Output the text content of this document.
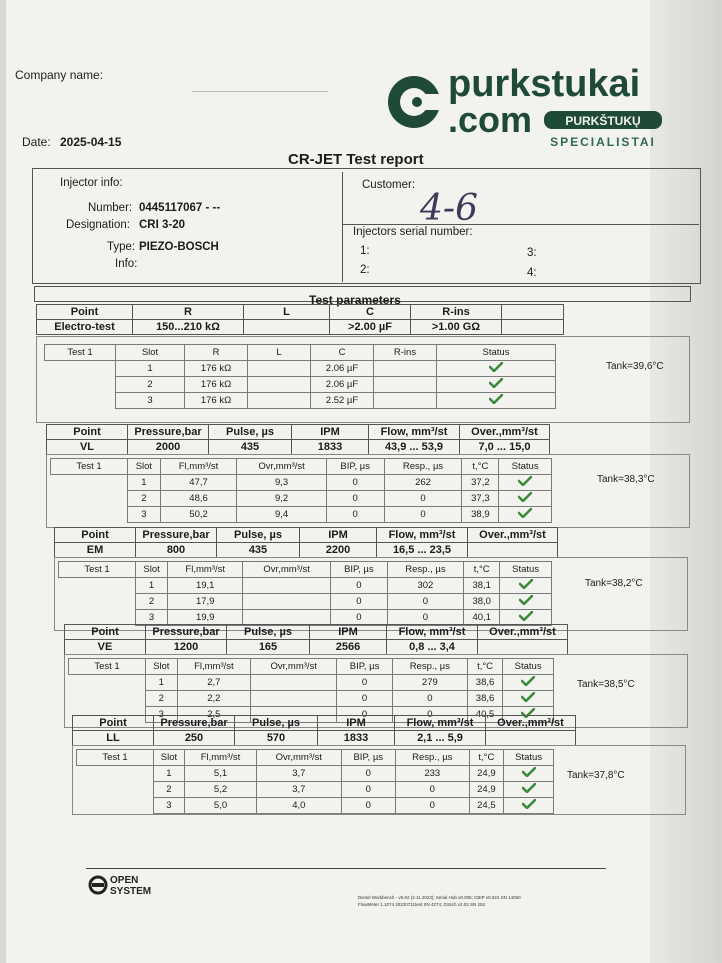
Company name:
Date: 2025-04-15
CR-JET Test report
purkstukai
.com	PURKŠTUKŲ
SPECIALISTAI
Injector info:
Number: 0445117067 - --
Designation: CRI 3-20
Type: PIEZO-BOSCH
Info:
Customer:
4-6
Injectors serial number:
1:
2:
3:
4:
Test parameters
Point	R	L	C	R-ins	
Electro-test	150...210 kΩ		>2.00 µF	>1.00 GΩ	
Test 1	Slot	R	L	C	R-ins	Status
	1	176 kΩ		2.06 µF		
	2	176 kΩ		2.06 µF		
	3	176 kΩ		2.52 µF		
Tank=39,6°C
Point	Pressure,bar	Pulse, µs	IPM	Flow, mm³/st	Over.,mm³/st
VL	2000	435	1833	43,9 ... 53,9	7,0 ... 15,0
Test 1	Slot	Fl,mm³/st	Ovr,mm³/st	BIP, µs	Resp., µs	t,°C	Status
	1	47,7	9,3	0	262	37,2	
	2	48,6	9,2	0	0	37,3	
	3	50,2	9,4	0	0	38,9	
Tank=38,3°C
Point	Pressure,bar	Pulse, µs	IPM	Flow, mm³/st	Over.,mm³/st
EM	800	435	2200	16,5 ... 23,5	
Test 1	Slot	Fl,mm³/st	Ovr,mm³/st	BIP, µs	Resp., µs	t,°C	Status
	1	19,1		0	302	38,1	
	2	17,9		0	0	38,0	
	3	19,9		0	0	40,1	
Tank=38,2°C
Point	Pressure,bar	Pulse, µs	IPM	Flow, mm³/st	Over.,mm³/st
VE	1200	165	2566	0,8 ... 3,4	
Test 1	Slot	Fl,mm³/st	Ovr,mm³/st	BIP, µs	Resp., µs	t,°C	Status
	1	2,7		0	279	38,6	
	2	2,2		0	0	38,6	
	3	2,5		0	0	40,5	
Tank=38,5°C
Point	Pressure,bar	Pulse, µs	IPM	Flow, mm³/st	Over.,mm³/st
LL	250	570	1833	2,1 ... 5,9	
Test 1	Slot	Fl,mm³/st	Ovr,mm³/st	BIP, µs	Resp., µs	t,°C	Status
	1	5,1	3,7	0	233	24,9	
	2	5,2	3,7	0	0	24,9	
	3	5,0	4,0	0	0	24,5	
Tank=37,8°C
OPEN
SYSTEM
Diesel Workbench - v6.92 (2.11.2023); Serial Hub v0.005; CBIP v0.024 SN 14060
FlowMeter 1.1074 20220711test SN 4274; D15ch v2.02 SN 253
